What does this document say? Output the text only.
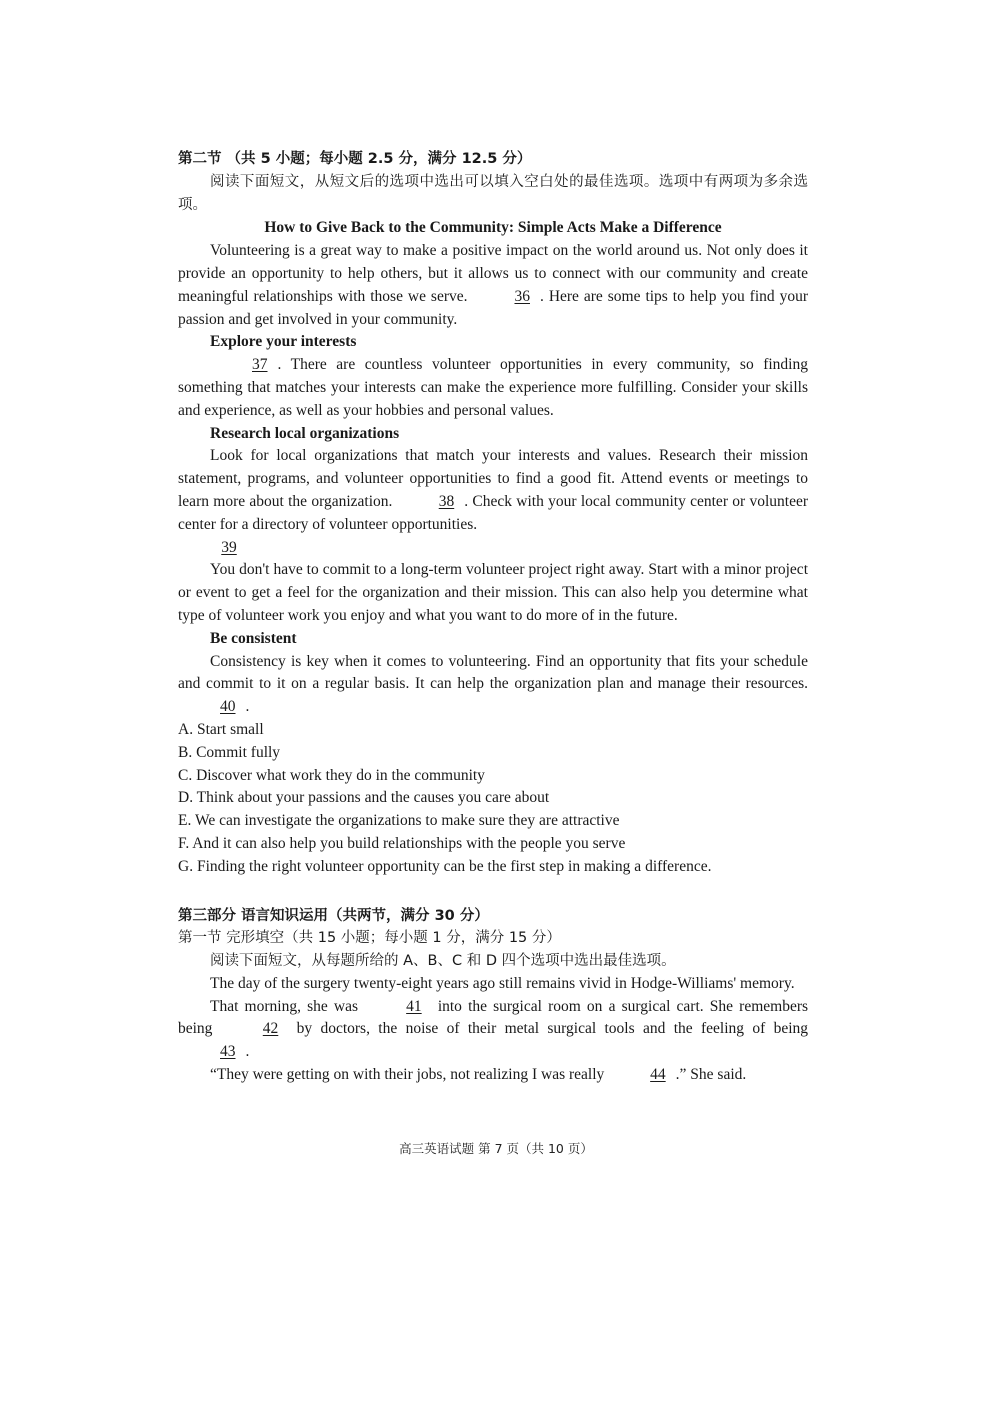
第二节 （共 5 小题；每小题 2.5 分，满分 12.5 分）

阅读下面短文，从短文后的选项中选出可以填入空白处的最佳选项。选项中有两项为多余选项。

How to Give Back to the Community: Simple Acts Make a Difference

Volunteering is a great way to make a positive impact on the world around us. Not only does it provide an opportunity to help others, but it allows us to connect with our community and create meaningful relationships with those we serve.	36 . Here are some tips to help you find your passion and get involved in your community.

Explore your interests

37 . There are countless volunteer opportunities in every community, so finding something that matches your interests can make the experience more fulfilling. Consider your skills and experience, as well as your hobbies and personal values.

Research local organizations

Look for local organizations that match your interests and values. Research their mission statement, programs, and volunteer opportunities to find a good fit. Attend events or meetings to learn more about the organization.	38 . Check with your local community center or volunteer center for a directory of volunteer opportunities.

39

You don't have to commit to a long-term volunteer project right away. Start with a minor project or event to get a feel for the organization and their mission. This can also help you determine what type of volunteer work you enjoy and what you want to do more of in the future.

Be consistent

Consistency is key when it comes to volunteering. Find an opportunity that fits your schedule and commit to it on a regular basis. It can help the organization plan and manage their resources. 40 .

A. Start small

B. Commit fully

C. Discover what work they do in the community

D. Think about your passions and the causes you care about

E. We can investigate the organizations to make sure they are attractive

F. And it can also help you build relationships with the people you serve

G. Finding the right volunteer opportunity can be the first step in making a difference.

第三部分 语言知识运用（共两节，满分 30 分）

第一节 完形填空（共 15 小题；每小题 1 分，满分 15 分）

阅读下面短文，从每题所给的 A、B、C 和 D 四个选项中选出最佳选项。

The day of the surgery twenty-eight years ago still remains vivid in Hodge-Williams' memory.

That morning, she was	41 into the surgical room on a surgical cart. She remembers being	42 by doctors, the noise of their metal surgical tools and the feeling of being 43 .

“They were getting on with their jobs, not realizing I was really	44 .” She said.

高三英语试题 第 7 页（共 10 页）
